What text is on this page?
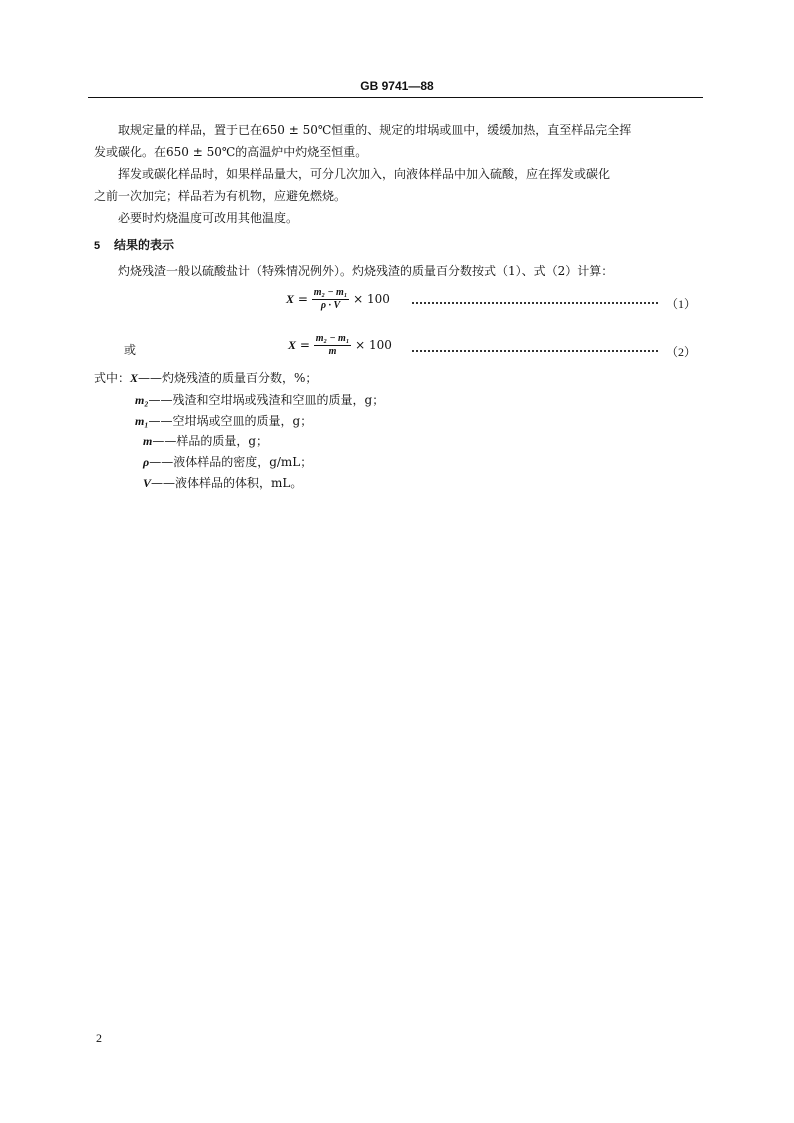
GB 9741—88
取规定量的样品，置于已在650 ± 50℃恒重的、规定的坩埚或皿中，缓缓加热，直至样品完全挥
发或碳化。在650 ± 50℃的高温炉中灼烧至恒重。
挥发或碳化样品时，如果样品量大，可分几次加入，向液体样品中加入硫酸，应在挥发或碳化
之前一次加完；样品若为有机物，应避免燃烧。
必要时灼烧温度可改用其他温度。
5 结果的表示
灼烧残渣一般以硫酸盐计（特殊情况例外）。灼烧残渣的质量百分数按式（1）、式（2）计算：
$X = \frac{\text{m₂ − m₁}}{\rho \cdot V} \times 100$	（1）
或	$X = \frac{\text{m₂ − m₁}}{m} \times 100$	（2）
式中：X——灼烧残渣的质量百分数，%；
m₂——残渣和空坩埚或残渣和空皿的质量，g；
m₁——空坩埚或空皿的质量，g；
m——样品的质量，g；
ρ——液体样品的密度，g/mL；
V——液体样品的体积，mL。
2
